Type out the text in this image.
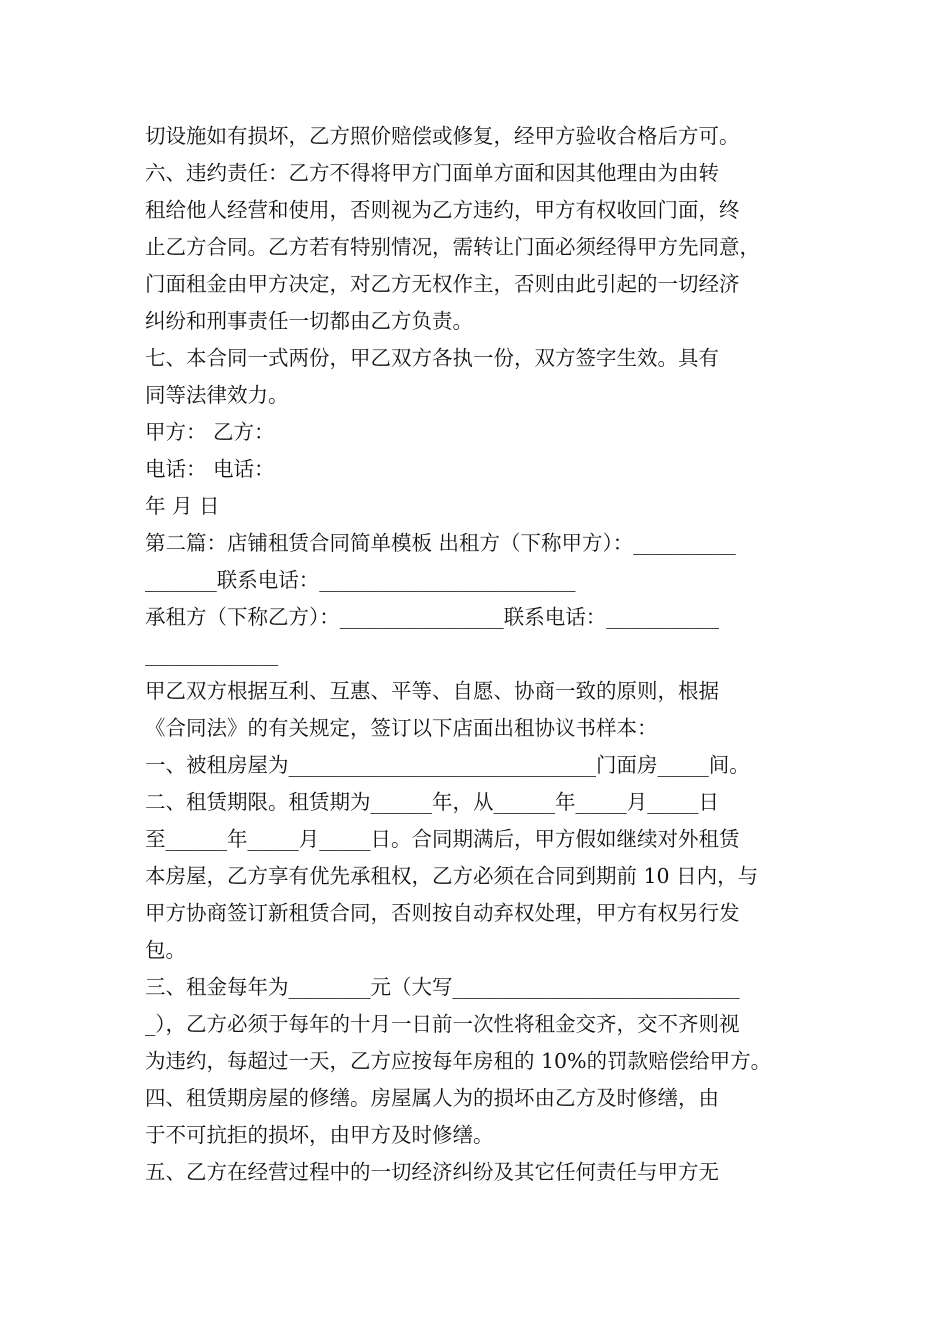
切设施如有损坏，乙方照价赔偿或修复，经甲方验收合格后方可。
六、违约责任：乙方不得将甲方门面单方面和因其他理由为由转
租给他人经营和使用，否则视为乙方违约，甲方有权收回门面，终
止乙方合同。乙方若有特别情况，需转让门面必须经得甲方先同意，
门面租金由甲方决定，对乙方无权作主，否则由此引起的一切经济
纠纷和刑事责任一切都由乙方负责。
七、本合同一式两份，甲乙双方各执一份，双方签字生效。具有
同等法律效力。
甲方： 乙方：
电话： 电话：
年 月 日
第二篇：店铺租赁合同简单模板 出租方（下称甲方）：__________
_______联系电话：_________________________
承租方（下称乙方）：________________联系电话：___________
_____________
甲乙双方根据互利、互惠、平等、自愿、协商一致的原则，根据
《合同法》的有关规定，签订以下店面出租协议书样本：
一、被租房屋为______________________________门面房_____间。
二、租赁期限。租赁期为______年，从______年_____月_____日
至______年_____月_____日。合同期满后，甲方假如继续对外租赁
本房屋，乙方享有优先承租权，乙方必须在合同到期前 10 日内，与
甲方协商签订新租赁合同，否则按自动弃权处理，甲方有权另行发
包。
三、租金每年为________元（大写____________________________
_），乙方必须于每年的十月一日前一次性将租金交齐，交不齐则视
为违约，每超过一天，乙方应按每年房租的 10%的罚款赔偿给甲方。
四、租赁期房屋的修缮。房屋属人为的损坏由乙方及时修缮，由
于不可抗拒的损坏，由甲方及时修缮。
五、乙方在经营过程中的一切经济纠纷及其它任何责任与甲方无
